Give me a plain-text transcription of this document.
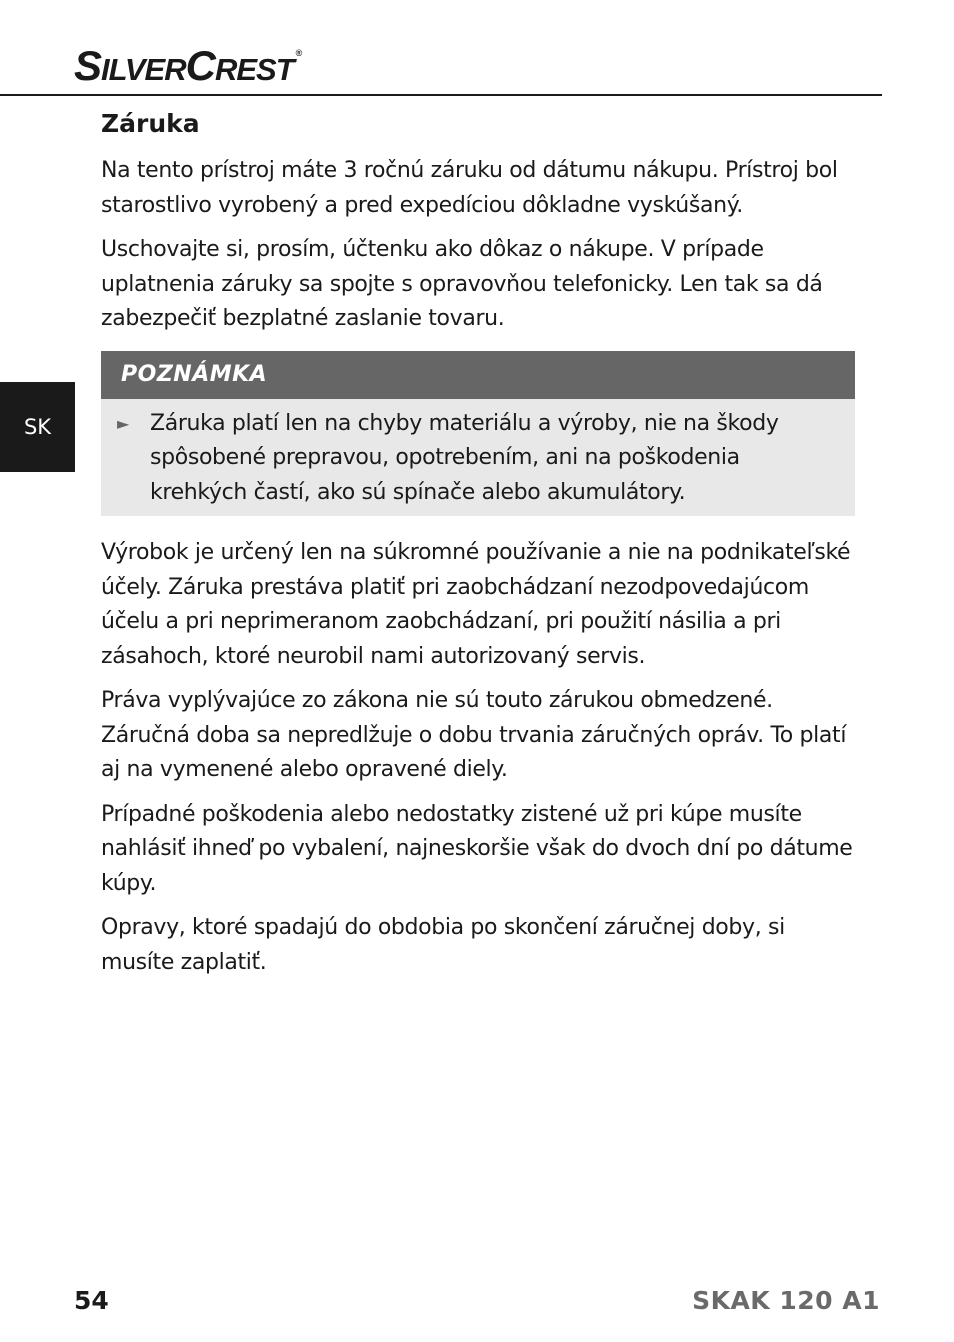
SILVERCREST ®
SK
Záruka

Na tento prístroj máte 3 ročnú záruku od dátumu nákupu. Prístroj bol starostlivo vyrobený a pred expedíciou dôkladne vyskúšaný.

Uschovajte si, prosím, účtenku ako dôkaz o nákupe. V prípade uplatnenia záruky sa spojte s opravovňou telefonicky. Len tak sa dá zabezpečiť bezplatné zaslanie tovaru.

POZNÁMKA
► Záruka platí len na chyby materiálu a výroby, nie na škody spôsobené prepravou, opotrebením, ani na poškodenia krehkých častí, ako sú spínače alebo akumulátory.

Výrobok je určený len na súkromné používanie a nie na podnikateľské účely. Záruka prestáva platiť pri zaobchádzaní nezodpovedajúcom účelu a pri neprimeranom zaobchádzaní, pri použití násilia a pri zásahoch, ktoré neurobil nami autorizovaný servis.

Práva vyplývajúce zo zákona nie sú touto zárukou obmedzené. Záručná doba sa nepredlžuje o dobu trvania záručných opráv. To platí aj na vymenené alebo opravené diely.

Prípadné poškodenia alebo nedostatky zistené už pri kúpe musíte nahlásiť ihneď po vybalení, najneskoršie však do dvoch dní po dátume kúpy.

Opravy, ktoré spadajú do obdobia po skončení záručnej doby, si musíte zaplatiť.

54	SKAK 120 A1
